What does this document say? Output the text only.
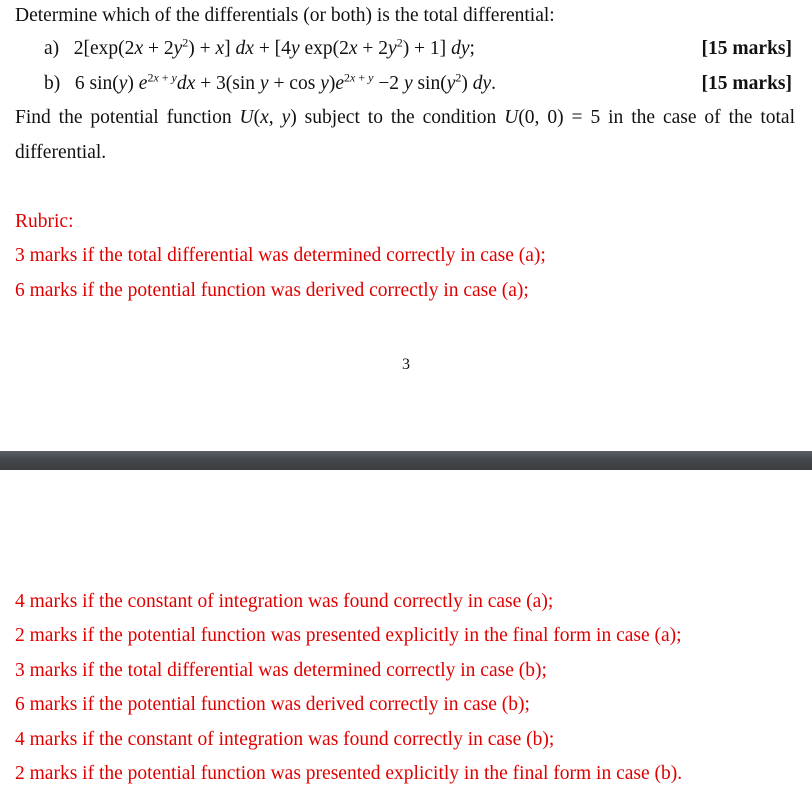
Determine which of the differentials (or both) is the total differential:
a)   $2[\exp(2x + 2y^2) + x]$ dx + [4y $\exp(2x + 2y^2) + 1$] dy;	[15 marks]
b)   6 sin(y) $e^{2x + y}dx + 3(\sin$ $y + \cos y)e^{2x + y} -2$ y $\sin(y^2)$ dy.	[15 marks]
Find the potential function U(x, y) subject to the condition U(0, 0) = 5 in the case of the total
differential.
Rubric:
3 marks if the total differential was determined correctly in case (a);
6 marks if the potential function was derived correctly in case (a);
3
4 marks if the constant of integration was found correctly in case (a);
2 marks if the potential function was presented explicitly in the final form in case (a);
3 marks if the total differential was determined correctly in case (b);
6 marks if the potential function was derived correctly in case (b);
4 marks if the constant of integration was found correctly in case (b);
2 marks if the potential function was presented explicitly in the final form in case (b).
